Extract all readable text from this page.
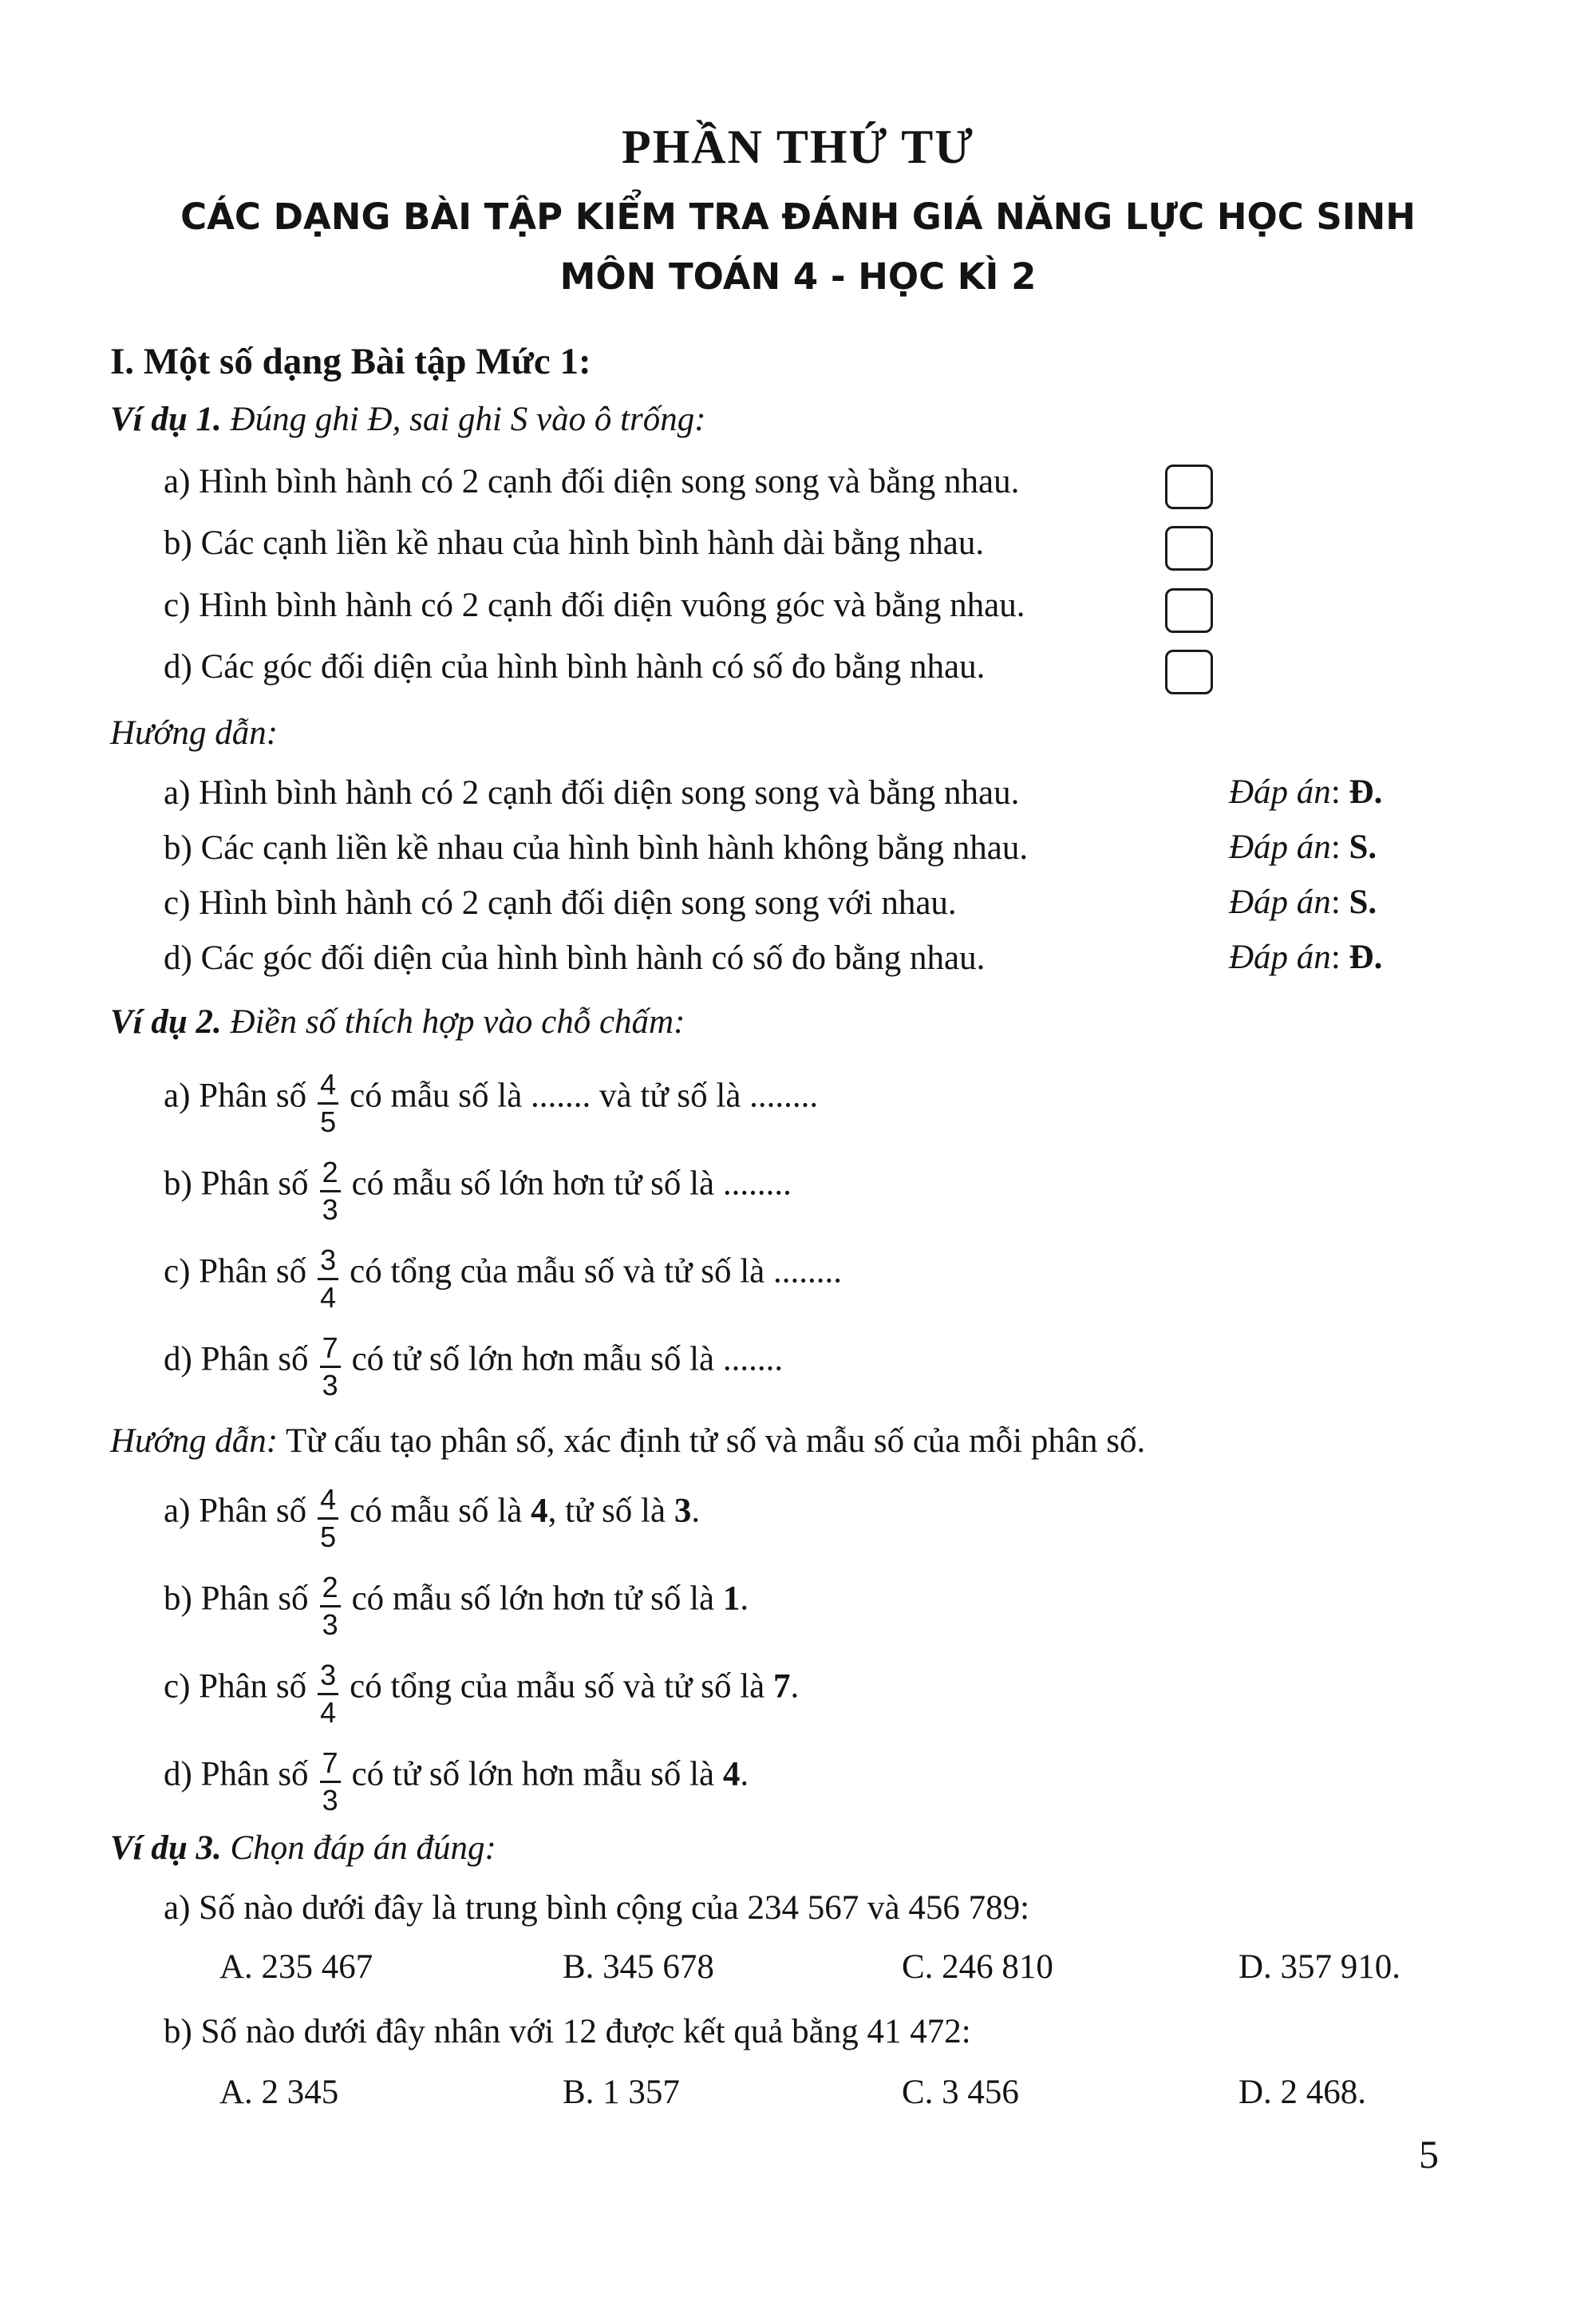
PHẦN THỨ TƯ
CÁC DẠNG BÀI TẬP KIỂM TRA ĐÁNH GIÁ NĂNG LỰC HỌC SINH
MÔN TOÁN 4 - HỌC KÌ 2
I. Một số dạng Bài tập Mức 1:
Ví dụ 1. Đúng ghi Đ, sai ghi S vào ô trống:
a) Hình bình hành có 2 cạnh đối diện song song và bằng nhau.
b) Các cạnh liền kề nhau của hình bình hành dài bằng nhau.
c) Hình bình hành có 2 cạnh đối diện vuông góc và bằng nhau.
d) Các góc đối diện của hình bình hành có số đo bằng nhau.
Hướng dẫn:
a) Hình bình hành có 2 cạnh đối diện song song và bằng nhau.	Đáp án: Đ.
b) Các cạnh liền kề nhau của hình bình hành không bằng nhau.	Đáp án: S.
c) Hình bình hành có 2 cạnh đối diện song song với nhau.	Đáp án: S.
d) Các góc đối diện của hình bình hành có số đo bằng nhau.	Đáp án: Đ.
Ví dụ 2. Điền số thích hợp vào chỗ chấm:
a) Phân số $\frac{4}{5}$ có mẫu số là ....... và tử số là ........
b) Phân số $\frac{2}{3}$ có mẫu số lớn hơn tử số là ........
c) Phân số $\frac{3}{4}$ có tổng của mẫu số và tử số là ........
d) Phân số $\frac{7}{3}$ có tử số lớn hơn mẫu số là .......
Hướng dẫn: Từ cấu tạo phân số, xác định tử số và mẫu số của mỗi phân số.
a) Phân số $\frac{4}{5}$ có mẫu số là 4, tử số là 3.
b) Phân số $\frac{2}{3}$ có mẫu số lớn hơn tử số là 1.
c) Phân số $\frac{3}{4}$ có tổng của mẫu số và tử số là 7.
d) Phân số $\frac{7}{3}$ có tử số lớn hơn mẫu số là 4.
Ví dụ 3. Chọn đáp án đúng:
a) Số nào dưới đây là trung bình cộng của 234 567 và 456 789:
A. 235 467	B. 345 678	C. 246 810	D. 357 910.
b) Số nào dưới đây nhân với 12 được kết quả bằng 41 472:
A. 2 345	B. 1 357	C. 3 456	D. 2 468.
5
